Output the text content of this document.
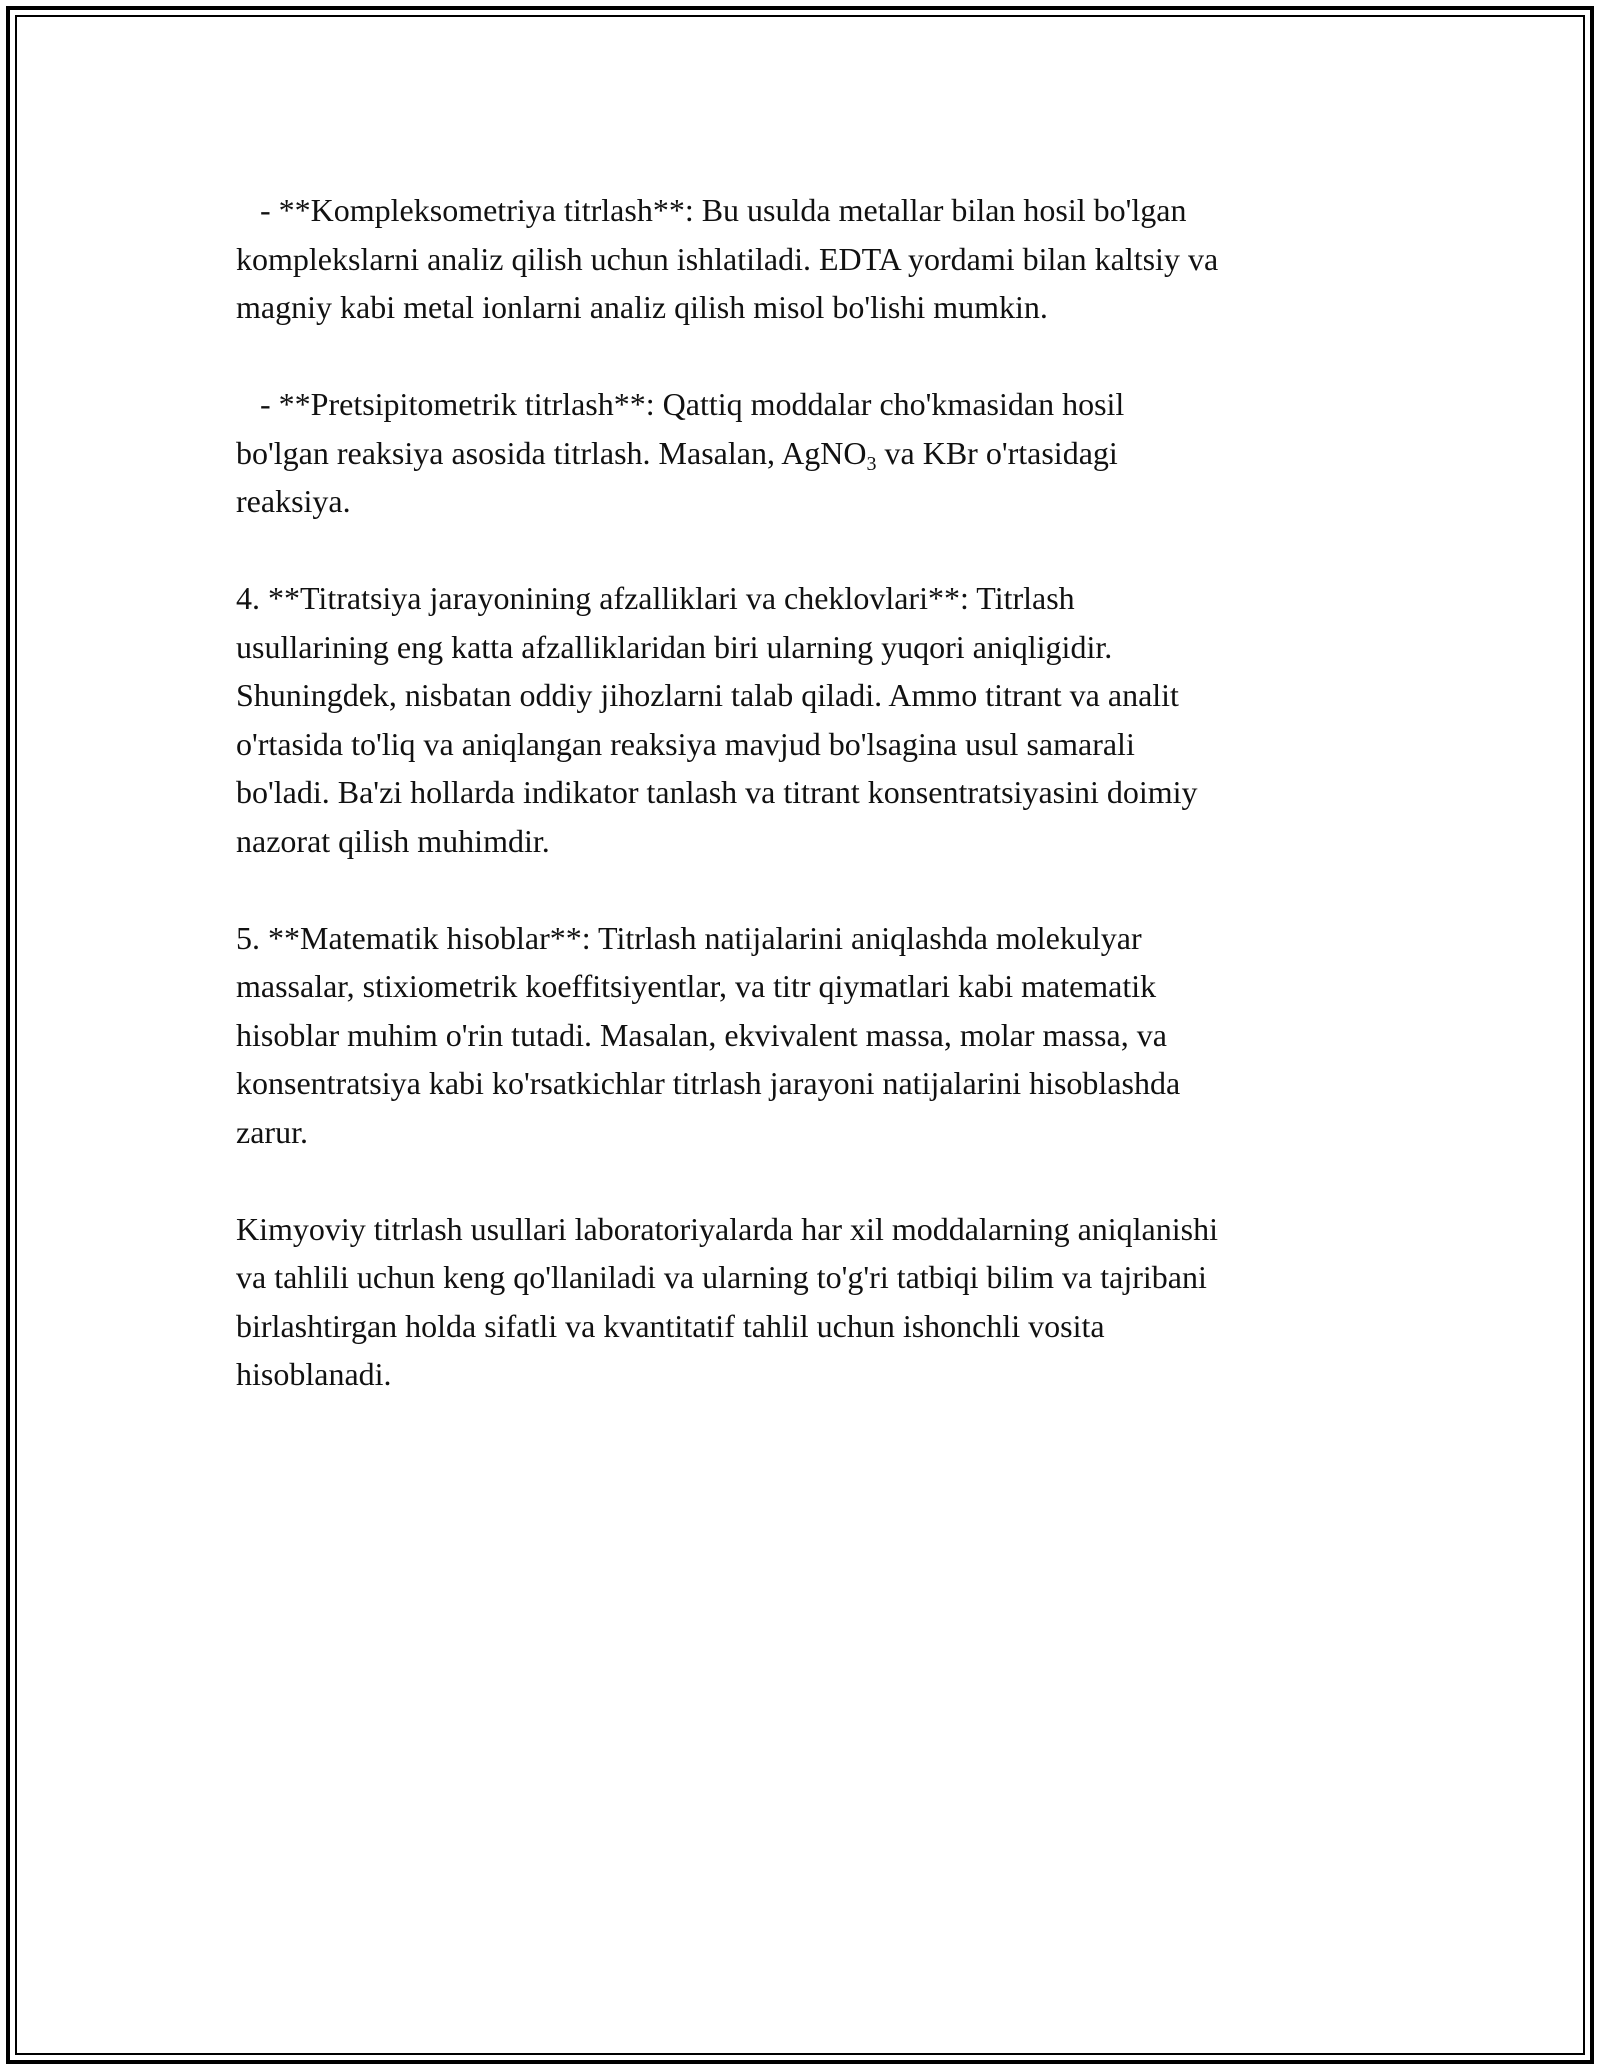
- **Kompleksometriya titrlash**: Bu usulda metallar bilan hosil bo'lgan
komplekslarni analiz qilish uchun ishlatiladi. EDTA yordami bilan kaltsiy va
magniy kabi metal ionlarni analiz qilish misol bo'lishi mumkin.

- **Pretsipitometrik titrlash**: Qattiq moddalar cho'kmasidan hosil
bo'lgan reaksiya asosida titrlash. Masalan, AgNO$_3$ va KBr o'rtasidagi
reaksiya.

4. **Titratsiya jarayonining afzalliklari va cheklovlari**: Titrlash
usullarining eng katta afzalliklaridan biri ularning yuqori aniqligidir.
Shuningdek, nisbatan oddiy jihozlarni talab qiladi. Ammo titrant va analit
o'rtasida to'liq va aniqlangan reaksiya mavjud bo'lsagina usul samarali
bo'ladi. Ba'zi hollarda indikator tanlash va titrant konsentratsiyasini doimiy
nazorat qilish muhimdir.

5. **Matematik hisoblar**: Titrlash natijalarini aniqlashda molekulyar
massalar, stixiometrik koeffitsiyentlar, va titr qiymatlari kabi matematik
hisoblar muhim o'rin tutadi. Masalan, ekvivalent massa, molar massa, va
konsentratsiya kabi ko'rsatkichlar titrlash jarayoni natijalarini hisoblashda
zarur.

Kimyoviy titrlash usullari laboratoriyalarda har xil moddalarning aniqlanishi
va tahlili uchun keng qo'llaniladi va ularning to'g'ri tatbiqi bilim va tajribani
birlashtirgan holda sifatli va kvantitatif tahlil uchun ishonchli vosita
hisoblanadi.
